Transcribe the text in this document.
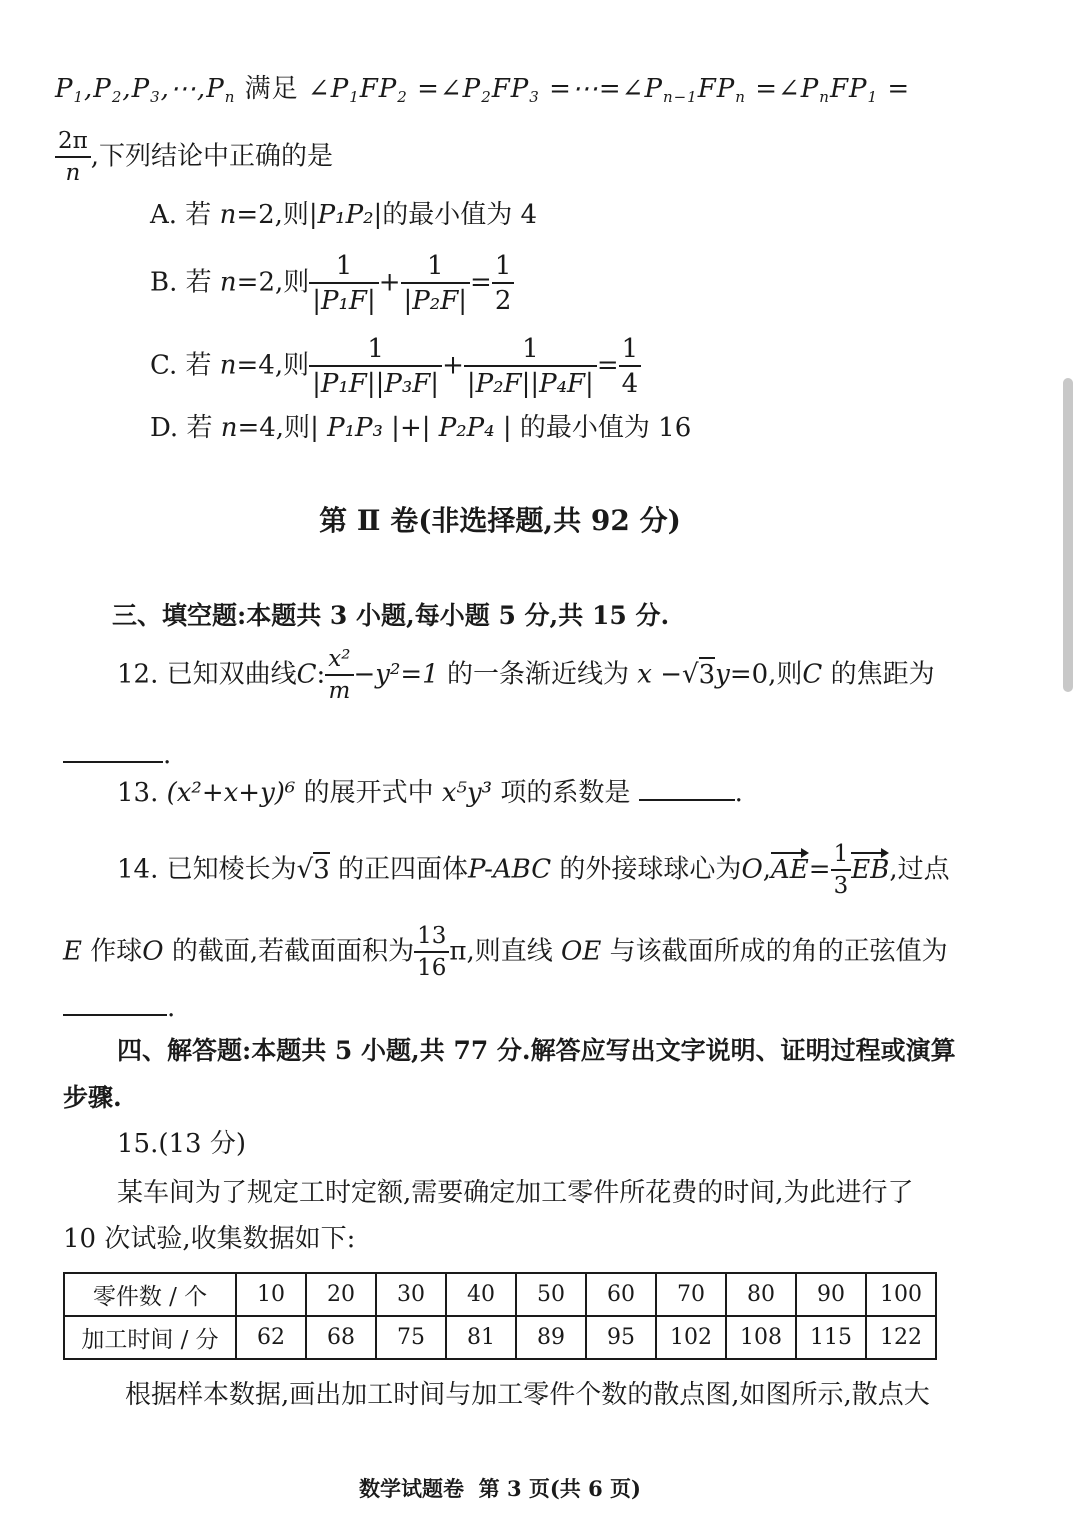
$P_1,P_2,P_3,\cdots,P_n$ 满足 $\angle P_1FP_2$ $=\angle P_2FP_3$ $=\cdots=\angle P_{n-1}FP_n$ $=\angle P_nFP_1$ =
$\frac{2\pi}{n}$ ,下列结论中正确的是
A. 若 n=2,则|P₁P₂|的最小值为 4
B. 若 n=2,则 $\frac{1}{\text{|P₁F|}} + \frac{1}{\text{|P₂F|}} = \frac{1}{2}$
C. 若 n=4,则 $\frac{1}{\text{|P₁F||P₃F|}} + \frac{1}{\text{|P₂F||P₄F|}} = \frac{1}{4}$
D. 若 n=4,则| P₁P₃ |+| P₂P₄ | 的最小值为 16
第 Ⅱ 卷(非选择题,共 92 分)
三、填空题:本题共 3 小题,每小题 5 分,共 15 分.
12. 已知双曲线C: $\frac{\text{x²}}{m} -y^2=1$ 的一条渐近线为 x −√3y=0,则C 的焦距为
.
13. (x²+x+y)⁶ 的展开式中 x⁵y³ 项的系数是	.
14. 已知棱长为√3 的正四面体P-ABC 的外接球球心为$O,AE= \frac{1}{3}$ EB,过点
E 作球O 的截面,若截面面积为 $\frac{13}{16} \pi$,则直线 OE 与该截面所成的角的正弦值为
.
四、解答题:本题共 5 小题,共 77 分.解答应写出文字说明、证明过程或演算
步骤.
15.(13 分)
某车间为了规定工时定额,需要确定加工零件所花费的时间,为此进行了
10 次试验,收集数据如下:
零件数 / 个	10	20	30	40	50	60	70	80	90	100
加工时间 / 分	62	68	75	81	89	95	102	108	115	122
根据样本数据,画出加工时间与加工零件个数的散点图,如图所示,散点大
数学试题卷  第 3 页(共 6 页)
